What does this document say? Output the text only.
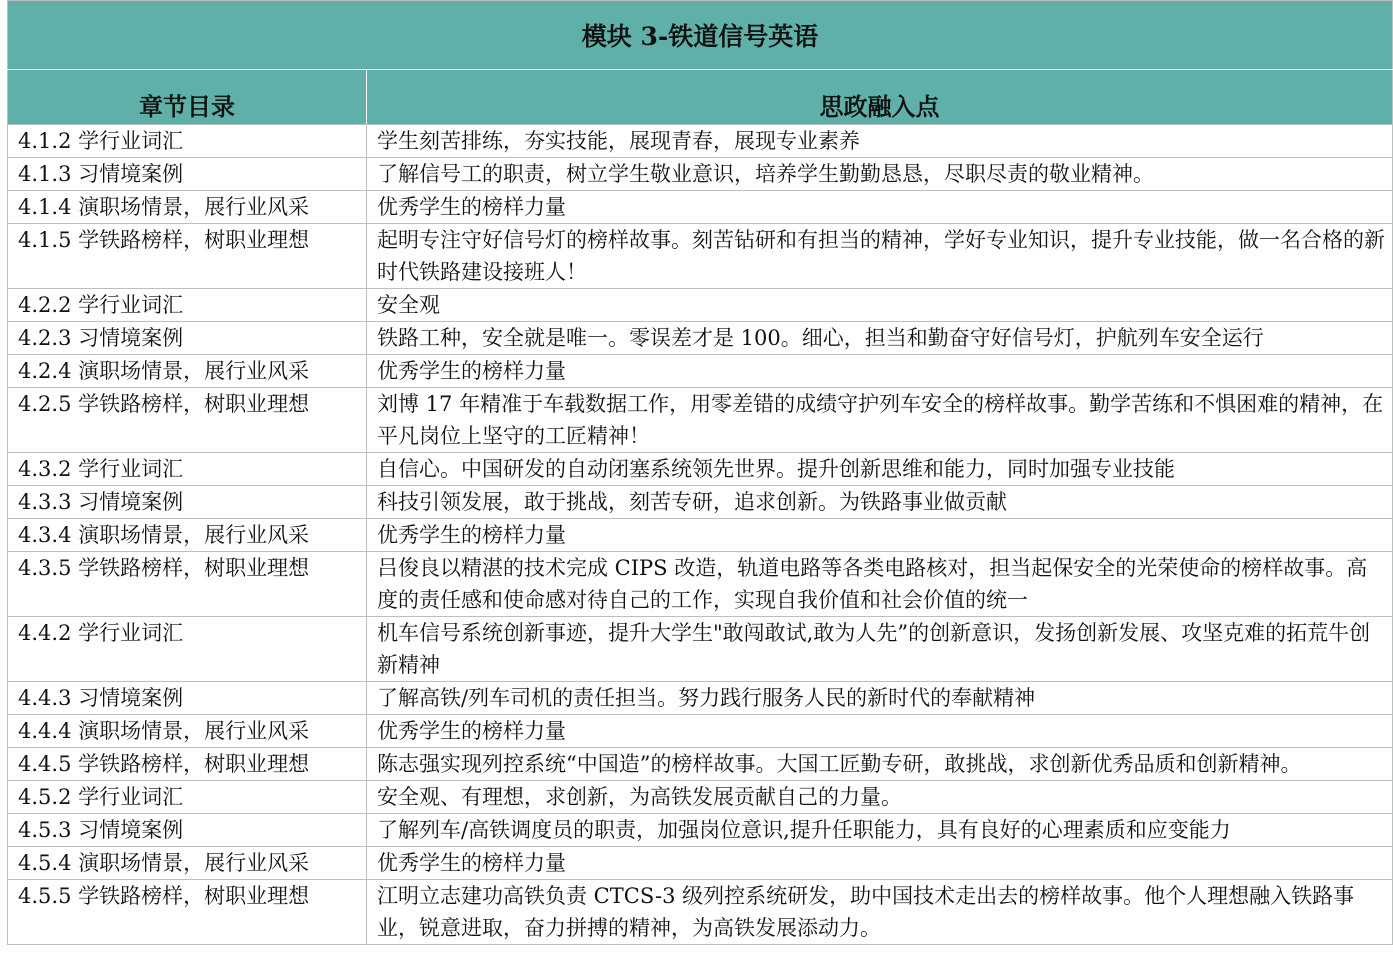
模块 3-铁道信号英语	
章节目录	思政融入点
4.1.2 学行业词汇	学生刻苦排练，夯实技能，展现青春，展现专业素养
4.1.3 习情境案例	了解信号工的职责，树立学生敬业意识，培养学生勤勤恳恳，尽职尽责的敬业精神。
4.1.4 演职场情景，展行业风采	优秀学生的榜样力量
4.1.5 学铁路榜样，树职业理想	起明专注守好信号灯的榜样故事。刻苦钻研和有担当的精神，学好专业知识，提升专业技能，做一名合格的新时代铁路建设接班人！
4.2.2 学行业词汇	安全观
4.2.3 习情境案例	铁路工种，安全就是唯一。零误差才是 100。细心，担当和勤奋守好信号灯，护航列车安全运行
4.2.4 演职场情景，展行业风采	优秀学生的榜样力量
4.2.5 学铁路榜样，树职业理想	刘博 17 年精准于车载数据工作，用零差错的成绩守护列车安全的榜样故事。勤学苦练和不惧困难的精神，在平凡岗位上坚守的工匠精神！
4.3.2 学行业词汇	自信心。中国研发的自动闭塞系统领先世界。提升创新思维和能力，同时加强专业技能
4.3.3 习情境案例	科技引领发展，敢于挑战，刻苦专研，追求创新。为铁路事业做贡献
4.3.4 演职场情景，展行业风采	优秀学生的榜样力量
4.3.5 学铁路榜样，树职业理想	吕俊良以精湛的技术完成 CIPS 改造，轨道电路等各类电路核对，担当起保安全的光荣使命的榜样故事。高度的责任感和使命感对待自己的工作，实现自我价值和社会价值的统一
4.4.2 学行业词汇	机车信号系统创新事迹，提升大学生"敢闯敢试,敢为人先”的创新意识，发扬创新发展、攻坚克难的拓荒牛创新精神
4.4.3 习情境案例	了解高铁/列车司机的责任担当。努力践行服务人民的新时代的奉献精神
4.4.4 演职场情景，展行业风采	优秀学生的榜样力量
4.4.5 学铁路榜样，树职业理想	陈志强实现列控系统“中国造”的榜样故事。大国工匠勤专研，敢挑战，求创新优秀品质和创新精神。
4.5.2 学行业词汇	安全观、有理想，求创新，为高铁发展贡献自己的力量。
4.5.3 习情境案例	了解列车/高铁调度员的职责，加强岗位意识,提升任职能力，具有良好的心理素质和应变能力
4.5.4 演职场情景，展行业风采	优秀学生的榜样力量
4.5.5 学铁路榜样，树职业理想	江明立志建功高铁负责 CTCS-3 级列控系统研发，助中国技术走出去的榜样故事。他个人理想融入铁路事业，锐意进取，奋力拼搏的精神，为高铁发展添动力。
